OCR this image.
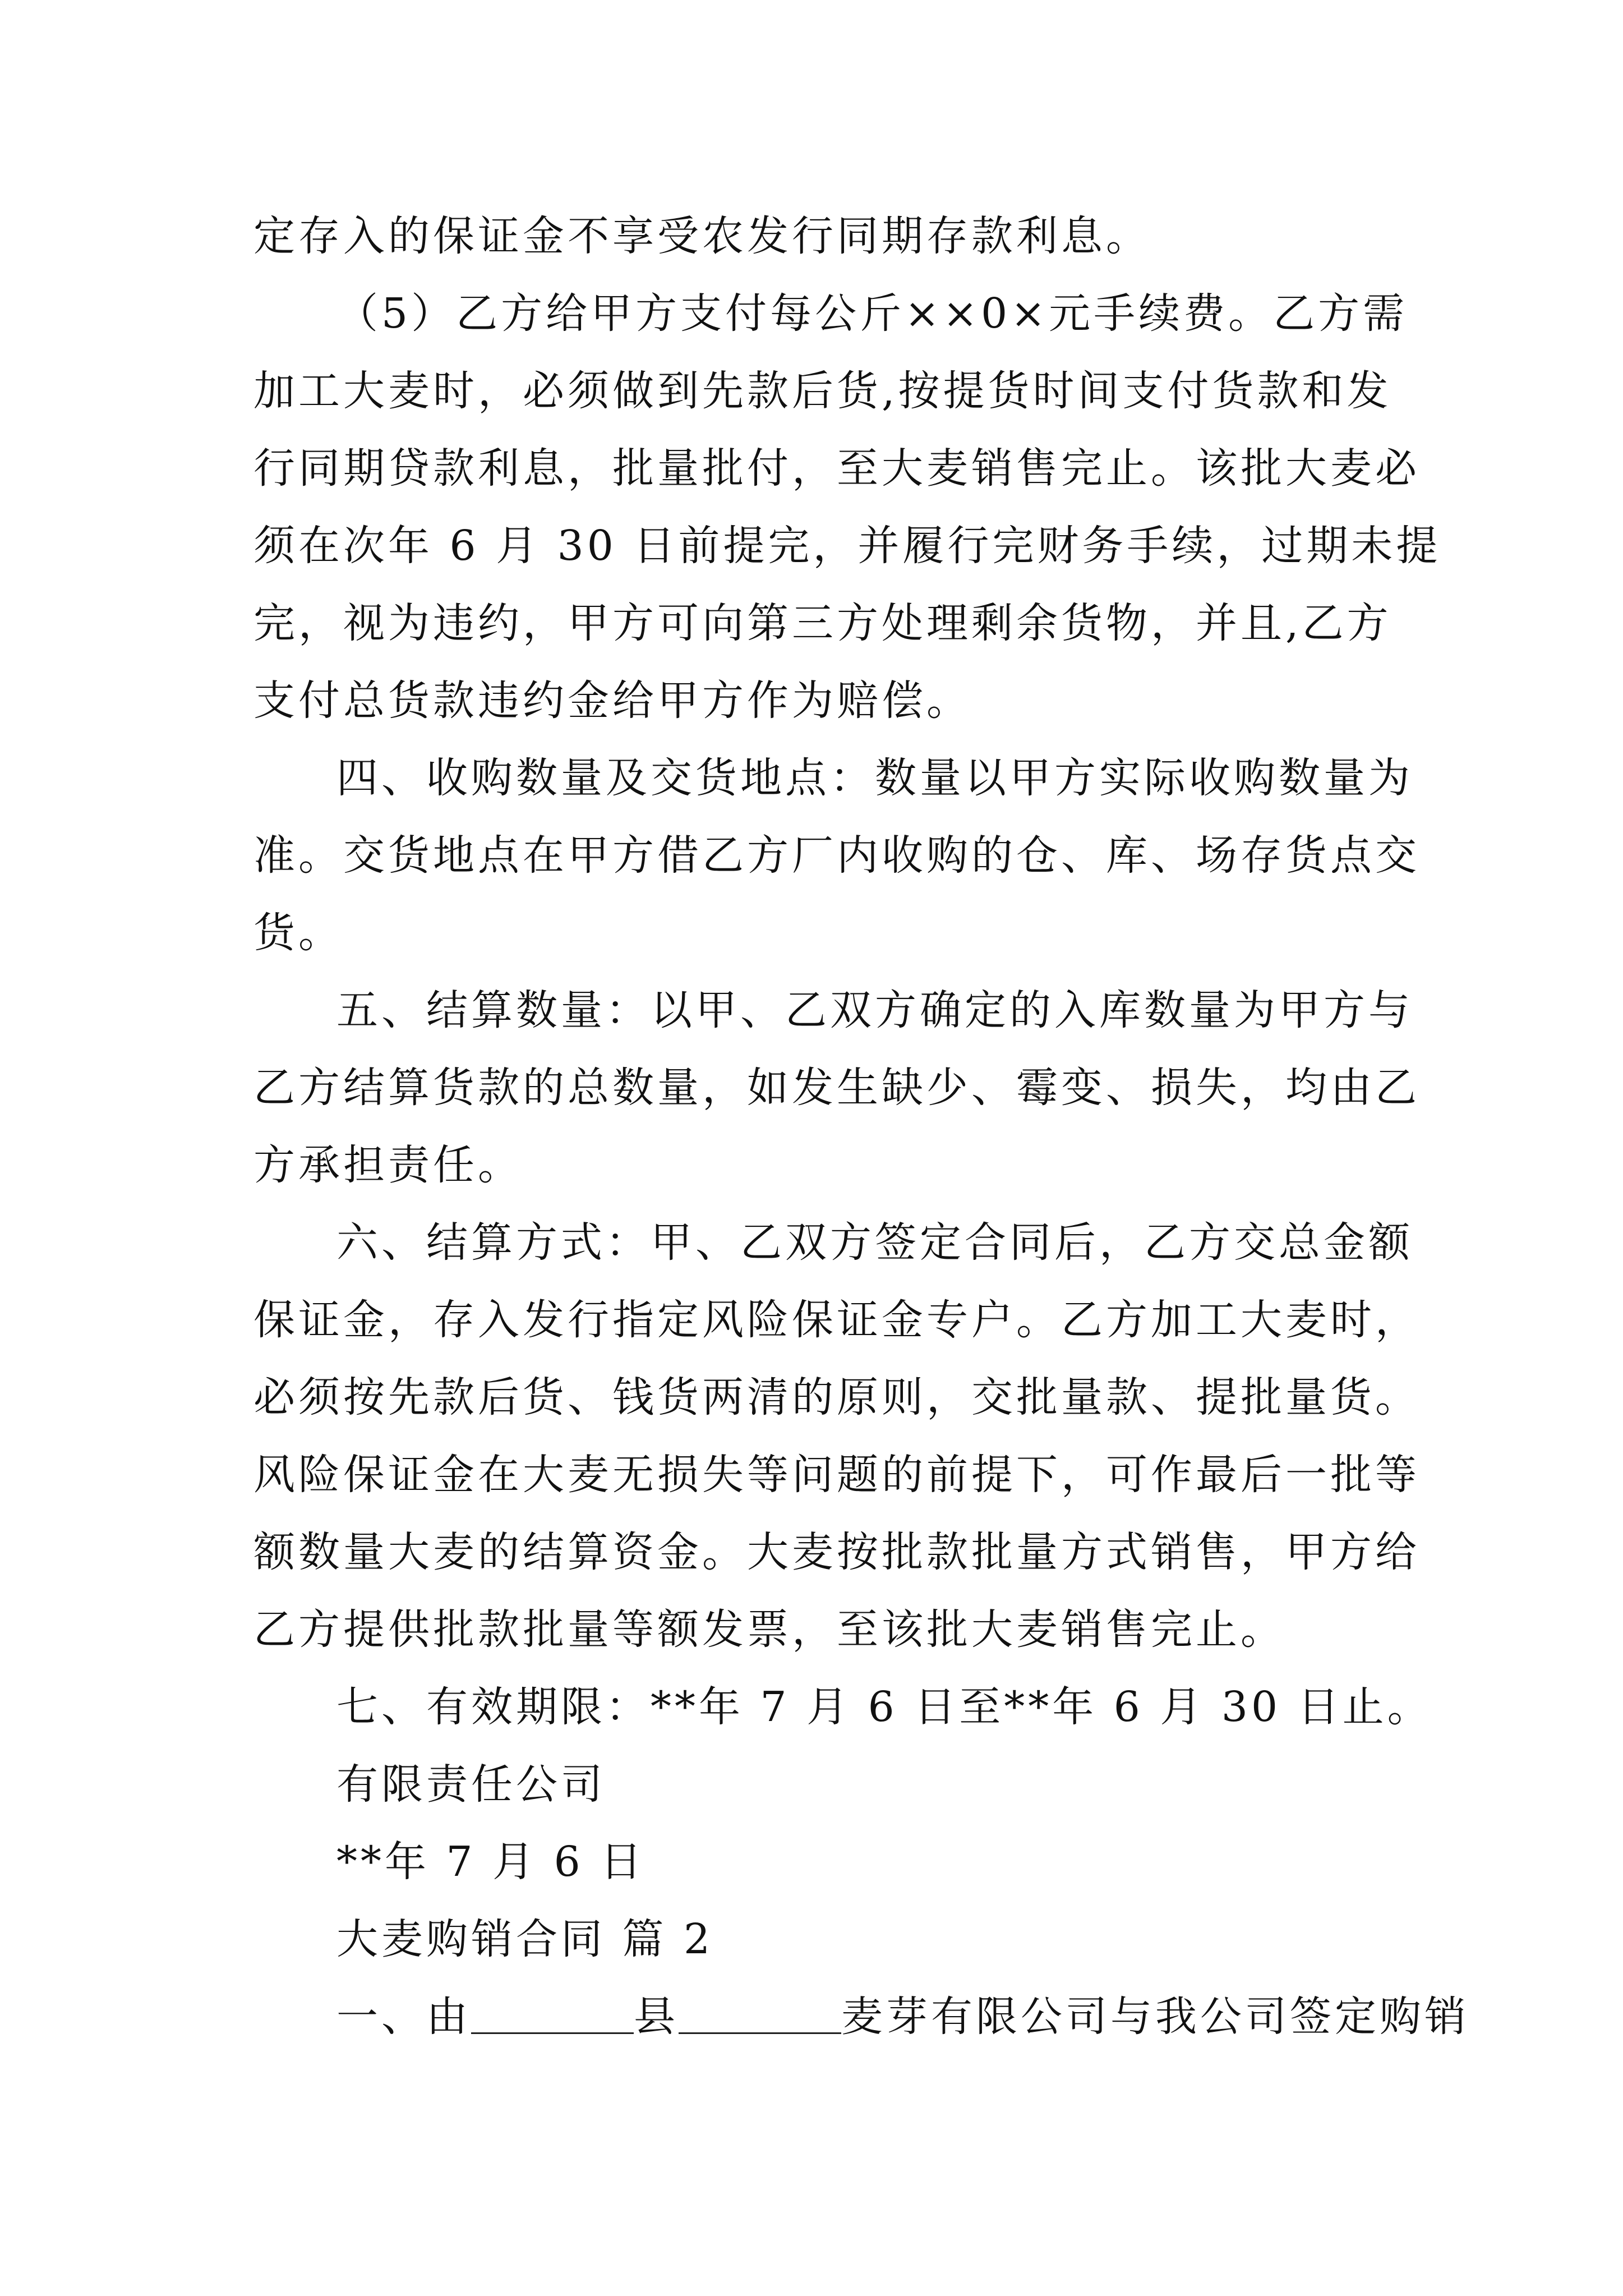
定存入的保证金不享受农发行同期存款利息。
（5）乙方给甲方支付每公斤××0×元手续费。乙方需
加工大麦时，必须做到先款后货,按提货时间支付货款和发
行同期贷款利息，批量批付，至大麦销售完止。该批大麦必
须在次年 6 月 30 日前提完，并履行完财务手续，过期未提
完，视为违约，甲方可向第三方处理剩余货物，并且,乙方
支付总货款违约金给甲方作为赔偿。
四、收购数量及交货地点：数量以甲方实际收购数量为
准。交货地点在甲方借乙方厂内收购的仓、库、场存货点交
货。
五、结算数量：以甲、乙双方确定的入库数量为甲方与
乙方结算货款的总数量，如发生缺少、霉变、损失，均由乙
方承担责任。
六、结算方式：甲、乙双方签定合同后，乙方交总金额
保证金，存入发行指定风险保证金专户。乙方加工大麦时，
必须按先款后货、钱货两清的原则，交批量款、提批量货。
风险保证金在大麦无损失等问题的前提下，可作最后一批等
额数量大麦的结算资金。大麦按批款批量方式销售，甲方给
乙方提供批款批量等额发票，至该批大麦销售完止。
七、有效期限：**年 7 月 6 日至**年 6 月 30 日止。
有限责任公司
**年 7 月 6 日
大麦购销合同 篇 2
一、由	县	麦芽有限公司与我公司签定购销
